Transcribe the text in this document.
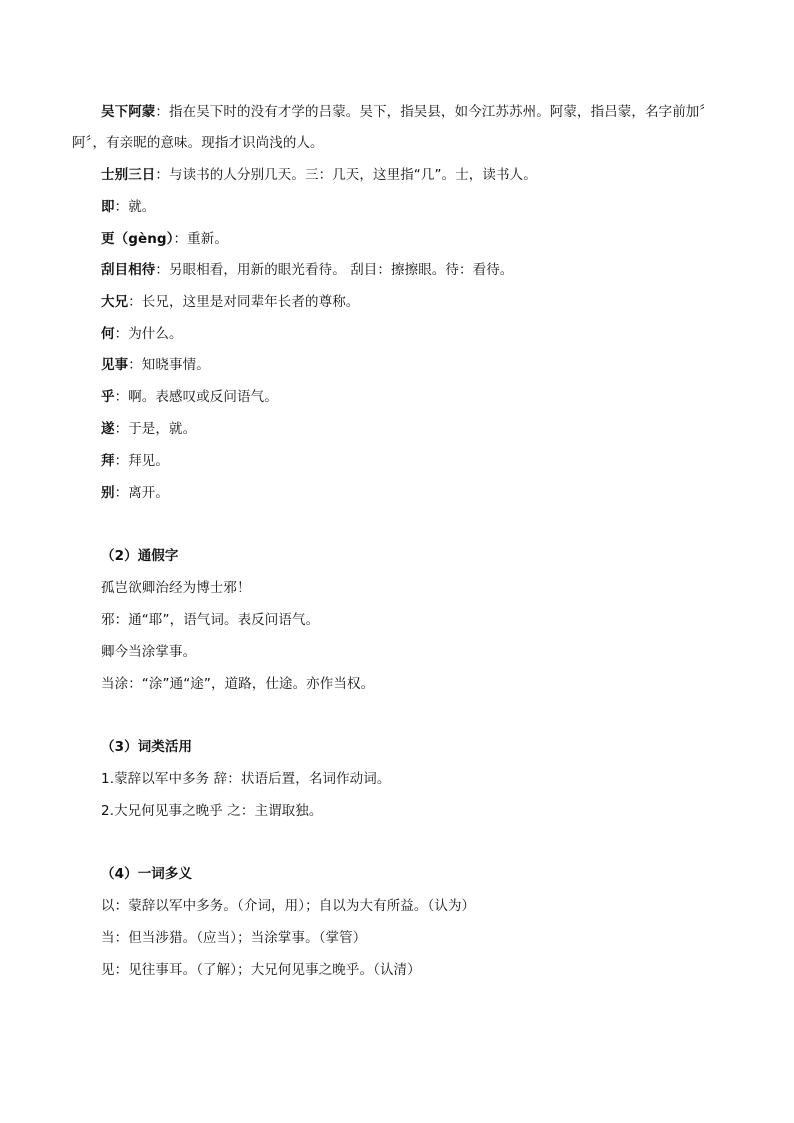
吴下阿蒙：指在吴下时的没有才学的吕蒙。吴下，指吴县，如今江苏苏州。阿蒙，指吕蒙，名字前加〞
阿〞，有亲昵的意味。现指才识尚浅的人。
士别三日：与读书的人分别几天。三：几天，这里指“几”。士，读书人。
即：就。
更（gèng）：重新。
刮目相待：另眼相看，用新的眼光看待。 刮目：擦擦眼。待：看待。
大兄：长兄，这里是对同辈年长者的尊称。
何：为什么。
见事：知晓事情。
乎：啊。表感叹或反问语气。
遂：于是，就。
拜：拜见。
别：离开。
（2）通假字
孤岂欲卿治经为博士邪！
邪：通“耶”，语气词。表反问语气。
卿今当涂掌事。
当涂：“涂”通“途”，道路，仕途。亦作当权。
（3）词类活用
1.蒙辞以军中多务 辞：状语后置，名词作动词。
2.大兄何见事之晚乎 之：主谓取独。
（4）一词多义
以：蒙辞以军中多务。（介词，用）；自以为大有所益。（认为）
当：但当涉猎。（应当）；当涂掌事。（掌管）
见：见往事耳。（了解）；大兄何见事之晚乎。（认清）
